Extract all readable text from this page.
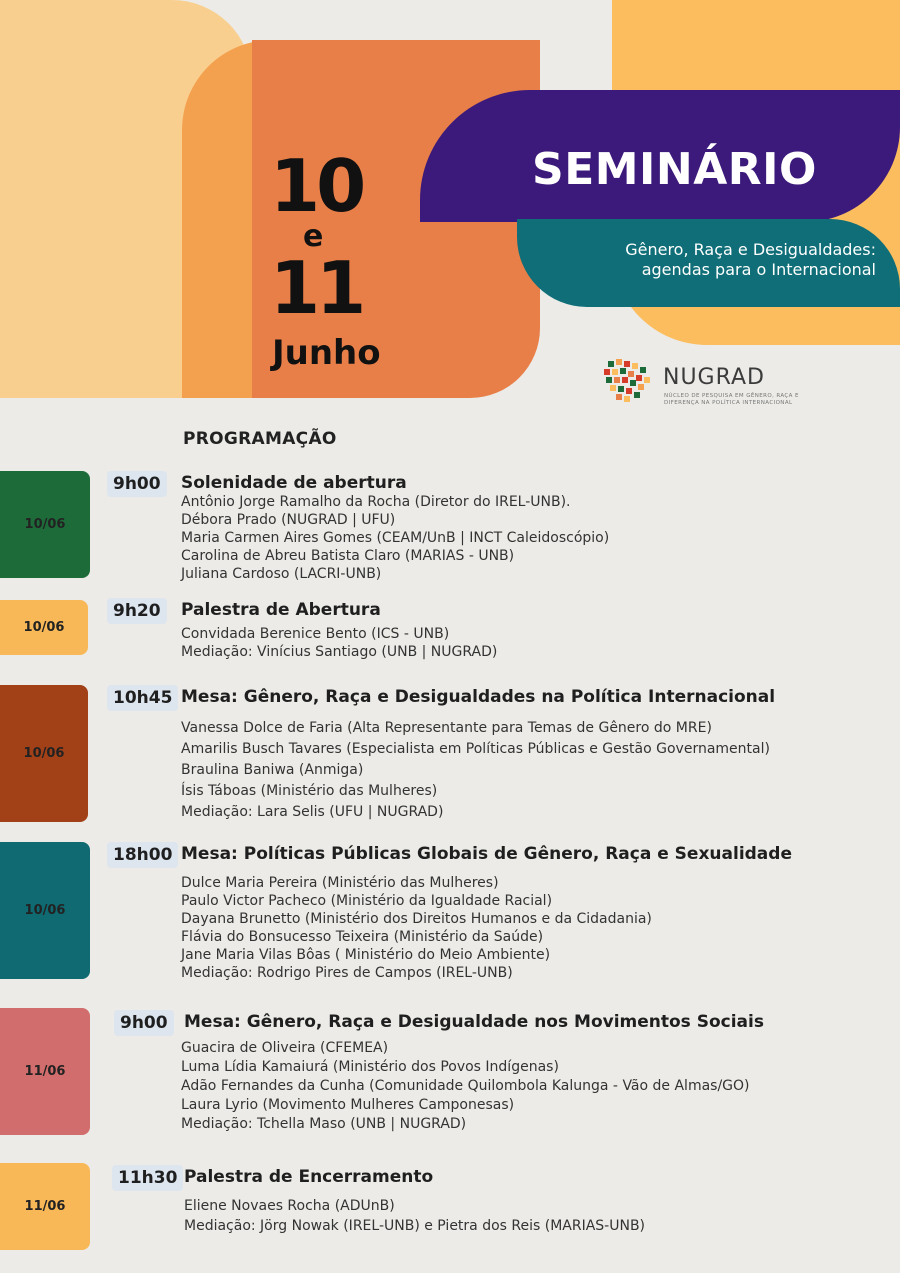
10
e
11
Junho
SEMINÁRIO
Gênero, Raça e Desigualdades:
agendas para o Internacional
NUGRAD
NÚCLEO DE PESQUISA EM GÊNERO, RAÇA E DIFERENÇA NA POLÍTICA INTERNACIONAL
PROGRAMAÇÃO
10/06
9h00	Solenidade de abertura
Antônio Jorge Ramalho da Rocha (Diretor do IREL-UNB).
Débora Prado (NUGRAD | UFU)
Maria Carmen Aires Gomes (CEAM/UnB | INCT Caleidoscópio)
Carolina de Abreu Batista Claro (MARIAS - UNB)
Juliana Cardoso (LACRI-UNB)
10/06
9h20	Palestra de Abertura
Convidada Berenice Bento (ICS - UNB)
Mediação: Vinícius Santiago (UNB | NUGRAD)
10/06
10h45 Mesa: Gênero, Raça e Desigualdades na Política Internacional
Vanessa Dolce de Faria (Alta Representante para Temas de Gênero do MRE)
Amarilis Busch Tavares (Especialista em Políticas Públicas e Gestão Governamental)
Braulina Baniwa (Anmiga)
Ísis Táboas (Ministério das Mulheres)
Mediação: Lara Selis (UFU | NUGRAD)
10/06
18h00 Mesa: Políticas Públicas Globais de Gênero, Raça e Sexualidade
Dulce Maria Pereira (Ministério das Mulheres)
Paulo Victor Pacheco (Ministério da Igualdade Racial)
Dayana Brunetto (Ministério dos Direitos Humanos e da Cidadania)
Flávia do Bonsucesso Teixeira (Ministério da Saúde)
Jane Maria Vilas Bôas ( Ministério do Meio Ambiente)
Mediação: Rodrigo Pires de Campos (IREL-UNB)
11/06
9h00 Mesa: Gênero, Raça e Desigualdade nos Movimentos Sociais
Guacira de Oliveira (CFEMEA)
Luma Lídia Kamaiurá (Ministério dos Povos Indígenas)
Adão Fernandes da Cunha (Comunidade Quilombola Kalunga - Vão de Almas/GO)
Laura Lyrio (Movimento Mulheres Camponesas)
Mediação: Tchella Maso (UNB | NUGRAD)
11/06
11h30 Palestra de Encerramento
Eliene Novaes Rocha (ADUnB)
Mediação: Jörg Nowak (IREL-UNB) e Pietra dos Reis (MARIAS-UNB)
